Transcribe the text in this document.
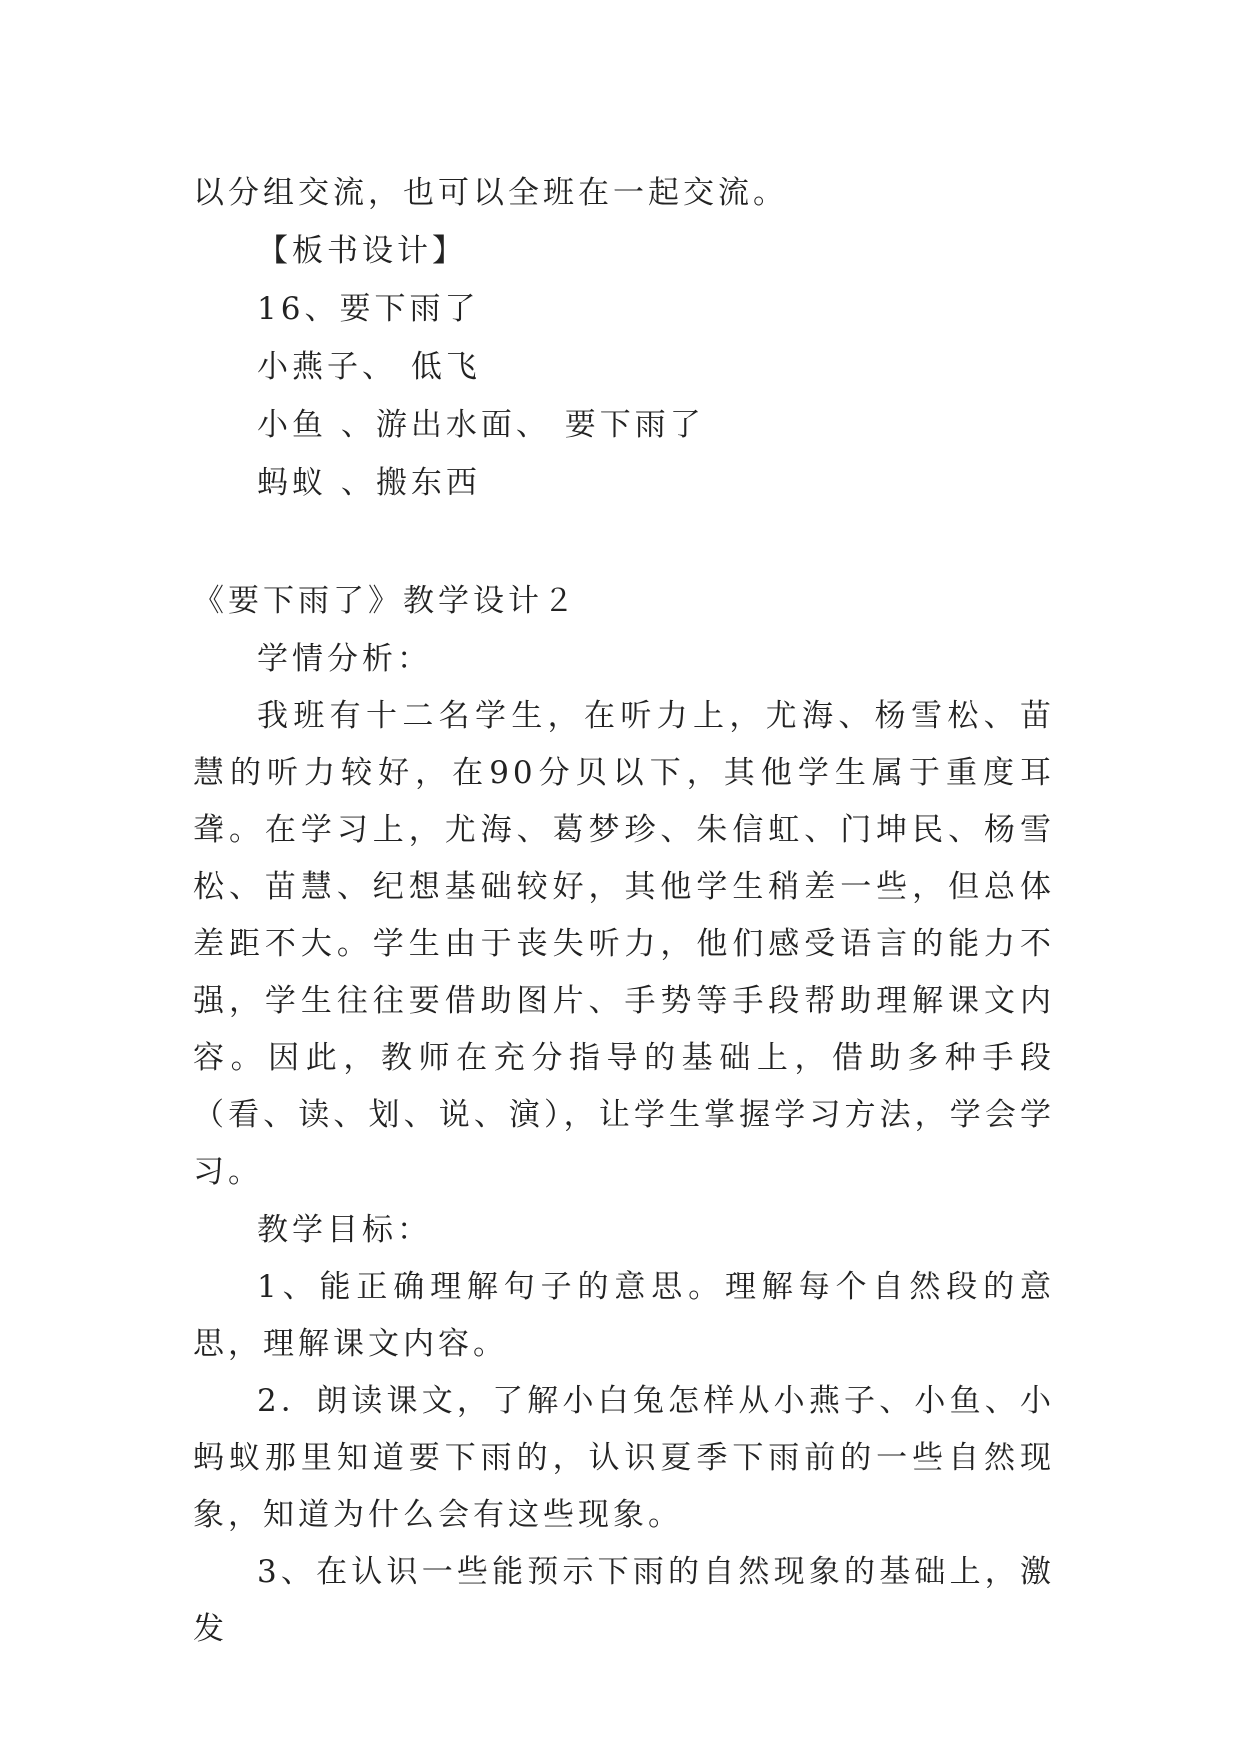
以分组交流，也可以全班在一起交流。
【板书设计】
16、要下雨了
小燕子、 低飞
小鱼 、游出水面、 要下雨了
蚂蚁 、搬东西
《要下雨了》教学设计２
学情分析：

我班有十二名学生，在听力上，尤海、杨雪松、苗慧的听力较好，在90分贝以下，其他学生属于重度耳聋。在学习上，尤海、葛梦珍、朱信虹、门坤民、杨雪松、苗慧、纪想基础较好，其他学生稍差一些，但总体差距不大。学生由于丧失听力，他们感受语言的能力不强，学生往往要借助图片、手势等手段帮助理解课文内容。因此，教师在充分指导的基础上，借助多种手段（看、读、划、说、演），让学生掌握学习方法，学会学习。

教学目标：

1、能正确理解句子的意思。理解每个自然段的意思，理解课文内容。

2．朗读课文，了解小白兔怎样从小燕子、小鱼、小蚂蚁那里知道要下雨的，认识夏季下雨前的一些自然现象，知道为什么会有这些现象。

3、在认识一些能预示下雨的自然现象的基础上，激发
